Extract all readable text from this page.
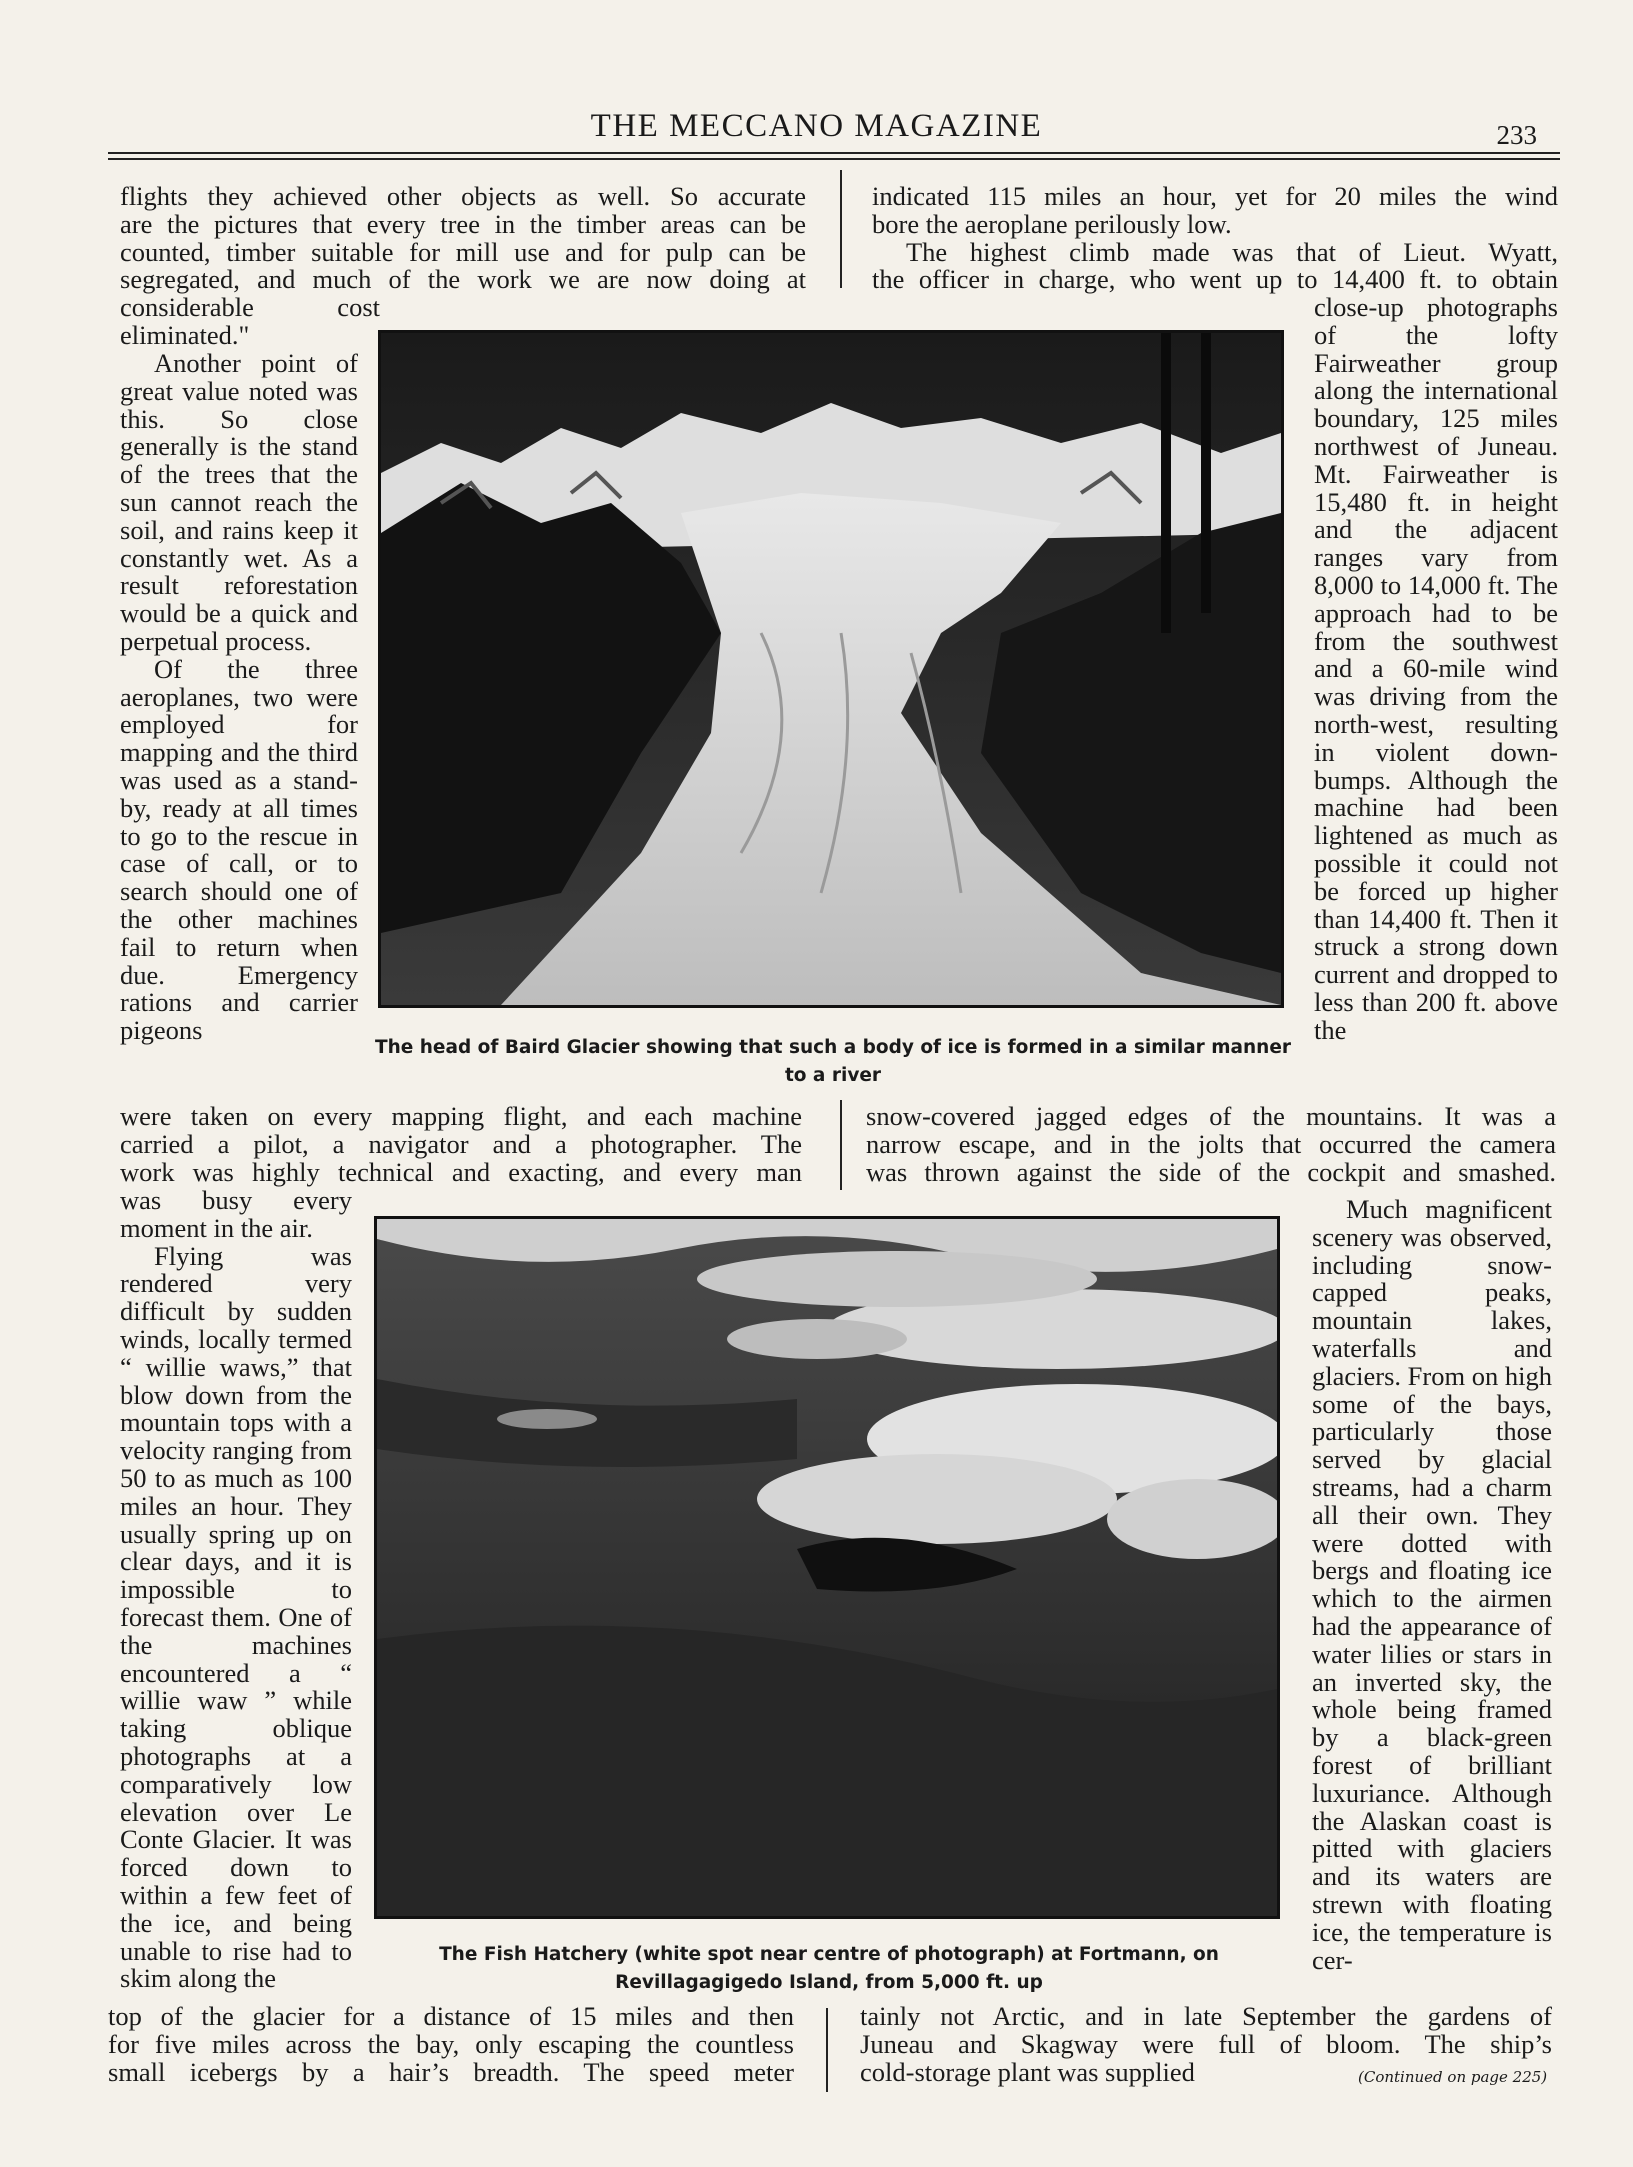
THE MECCANO MAGAZINE	233
flights they achieved other objects as well. So accurate
are the pictures that every tree in the timber areas can be
counted, timber suitable for mill use and for pulp can be
segregated, and much of the work we are now doing at
considerable cost
eliminated."
indicated 115 miles an hour, yet for 20 miles the wind
bore the aeroplane perilously low.
The highest climb made was that of Lieut. Wyatt,
the officer in charge, who went up to 14,400 ft. to obtain

Another point of great value noted was this. So close generally is the stand of the trees that the sun cannot reach the soil, and rains keep it constantly wet. As a result reforestation would be a quick and perpetual process.

Of the three aeroplanes, two were employed for mapping and the third was used as a stand-by, ready at all times to go to the rescue in case of call, or to search should one of the other machines fail to return when due. Emergency rations and carrier pigeons

The head of Baird Glacier showing that such a body of ice is formed in a similar manner to a river

close-up photographs of the lofty Fairweather group along the international boundary, 125 miles northwest of Juneau. Mt. Fairweather is 15,480 ft. in height and the adjacent ranges vary from 8,000 to 14,000 ft. The approach had to be from the southwest and a 60-mile wind was driving from the north-west, resulting in violent down-bumps. Although the machine had been lightened as much as possible it could not be forced up higher than 14,400 ft. Then it struck a strong down current and dropped to less than 200 ft. above the

were taken on every mapping flight, and each machine
carried a pilot, a navigator and a photographer. The
work was highly technical and exacting, and every man
snow-covered jagged edges of the mountains. It was a
narrow escape, and in the jolts that occurred the camera
was thrown against the side of the cockpit and smashed.

was busy every moment in the air.

Flying was rendered very difficult by sudden winds, locally termed “ willie waws,” that blow down from the mountain tops with a velocity ranging from 50 to as much as 100 miles an hour. They usually spring up on clear days, and it is impossible to forecast them. One of the machines encountered a “ willie waw ” while taking oblique photographs at a comparatively low elevation over Le Conte Glacier. It was forced down to within a few feet of the ice, and being unable to rise had to skim along the

The Fish Hatchery (white spot near centre of photograph) at Fortmann, on Revillagagigedo Island, from 5,000 ft. up

Much magnificent scenery was observed, including snow-capped peaks, mountain lakes, waterfalls and glaciers. From on high some of the bays, particularly those served by glacial streams, had a charm all their own. They were dotted with bergs and floating ice which to the airmen had the appearance of water lilies or stars in an inverted sky, the whole being framed by a black-green forest of brilliant luxuriance. Although the Alaskan coast is pitted with glaciers and its waters are strewn with floating ice, the temperature is cer-

top of the glacier for a distance of 15 miles and then
for five miles across the bay, only escaping the countless
small icebergs by a hair’s breadth. The speed meter
tainly not Arctic, and in late September the gardens of
Juneau and Skagway were full of bloom. The ship’s
cold-storage plant was supplied	(Continued on page 225)
